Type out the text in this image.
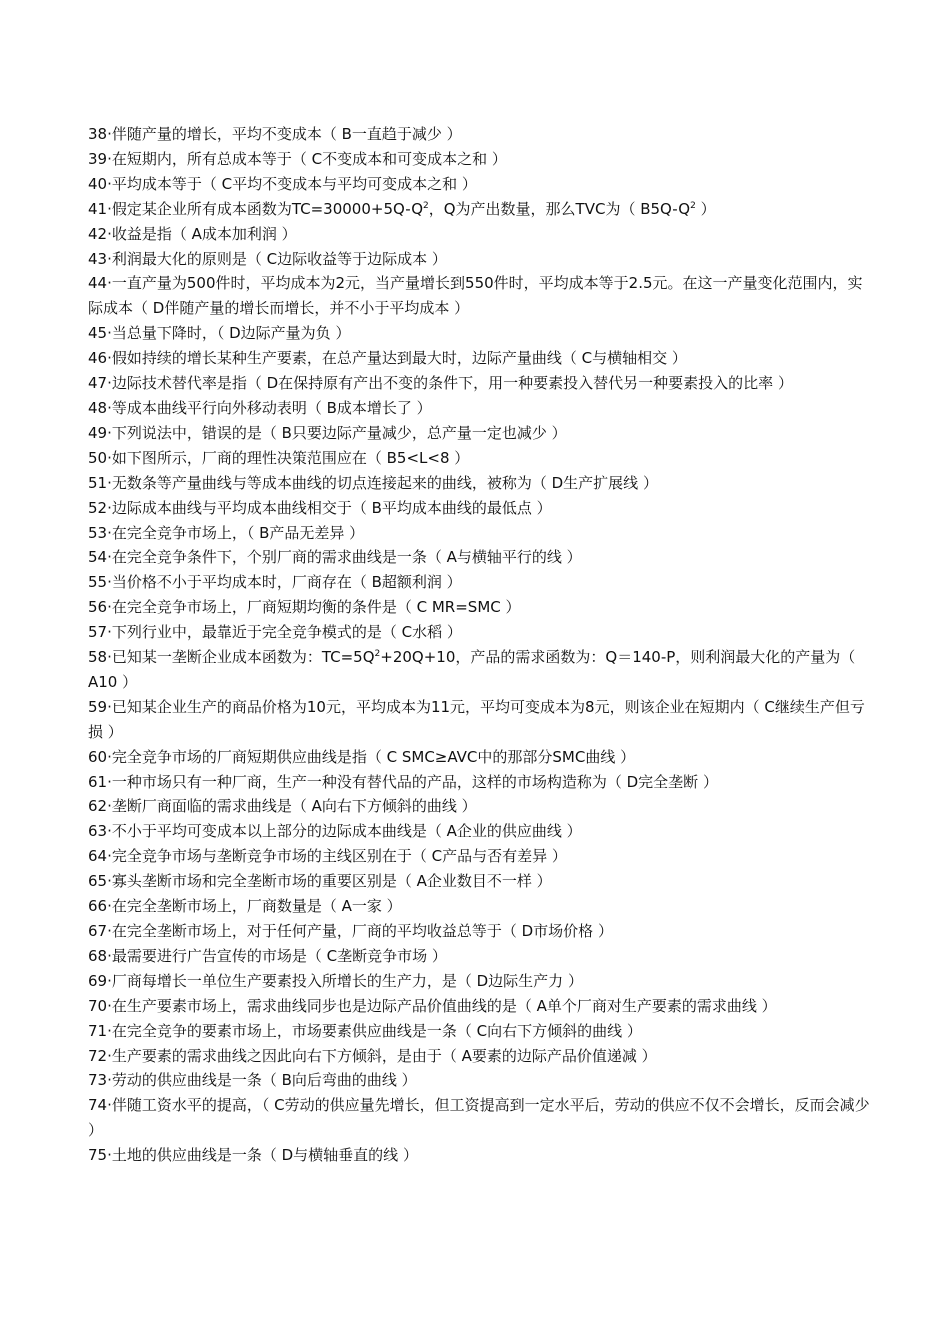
38·伴随产量的增长，平均不变成本（ B一直趋于减少 ）

39·在短期内，所有总成本等于（ C不变成本和可变成本之和 ）

40·平均成本等于（ C平均不变成本与平均可变成本之和 ）

41·假定某企业所有成本函数为$TC=30000+5Q-Q^2$，Q为产出数量，那么TVC为（ $B5Q-Q^2$ ）

42·收益是指（ A成本加利润 ）

43·利润最大化的原则是（ C边际收益等于边际成本 ）

44·一直产量为500件时，平均成本为2元，当产量增长到550件时，平均成本等于2.5元。在这一产量变化范围内，实际成本（ D伴随产量的增长而增长，并不小于平均成本 ）

45·当总量下降时，（ D边际产量为负 ）

46·假如持续的增长某种生产要素，在总产量达到最大时，边际产量曲线（ C与横轴相交 ）

47·边际技术替代率是指（ D在保持原有产出不变的条件下，用一种要素投入替代另一种要素投入的比率 ）

48·等成本曲线平行向外移动表明（ B成本增长了 ）

49·下列说法中，错误的是（ B只要边际产量减少，总产量一定也减少 ）

50·如下图所示，厂商的理性决策范围应在（ B5<L<8 ）

51·无数条等产量曲线与等成本曲线的切点连接起来的曲线，被称为（ D生产扩展线 ）

52·边际成本曲线与平均成本曲线相交于（ B平均成本曲线的最低点 ）

53·在完全竞争市场上，（ B产品无差异 ）

54·在完全竞争条件下，个别厂商的需求曲线是一条（ A与横轴平行的线 ）

55·当价格不小于平均成本时，厂商存在（ B超额利润 ）

56·在完全竞争市场上，厂商短期均衡的条件是（ C MR=SMC ）

57·下列行业中，最靠近于完全竞争模式的是（ C水稻 ）

58·已知某一垄断企业成本函数为：$TC=5Q^2+20Q+10$，产品的需求函数为：Q＝140-P，则利润最大化的产量为（ A10 ）

59·已知某企业生产的商品价格为10元，平均成本为11元，平均可变成本为8元，则该企业在短期内（ C继续生产但亏损 ）

60·完全竞争市场的厂商短期供应曲线是指（ C SMC≥AVC中的那部分SMC曲线 ）

61·一种市场只有一种厂商，生产一种没有替代品的产品，这样的市场构造称为（ D完全垄断 ）

62·垄断厂商面临的需求曲线是（ A向右下方倾斜的曲线 ）

63·不小于平均可变成本以上部分的边际成本曲线是（ A企业的供应曲线 ）

64·完全竞争市场与垄断竞争市场的主线区别在于（ C产品与否有差异 ）

65·寡头垄断市场和完全垄断市场的重要区别是（ A企业数目不一样 ）

66·在完全垄断市场上，厂商数量是（ A一家 ）

67·在完全垄断市场上，对于任何产量，厂商的平均收益总等于（ D市场价格 ）

68·最需要进行广告宣传的市场是（ C垄断竞争市场 ）

69·厂商每增长一单位生产要素投入所增长的生产力，是（ D边际生产力 ）

70·在生产要素市场上，需求曲线同步也是边际产品价值曲线的是（ A单个厂商对生产要素的需求曲线 ）

71·在完全竞争的要素市场上，市场要素供应曲线是一条（ C向右下方倾斜的曲线 ）

72·生产要素的需求曲线之因此向右下方倾斜，是由于（ A要素的边际产品价值递减 ）

73·劳动的供应曲线是一条（ B向后弯曲的曲线 ）

74·伴随工资水平的提高，（ C劳动的供应量先增长，但工资提高到一定水平后，劳动的供应不仅不会增长，反而会减少 ）

75·土地的供应曲线是一条（ D与横轴垂直的线 ）
